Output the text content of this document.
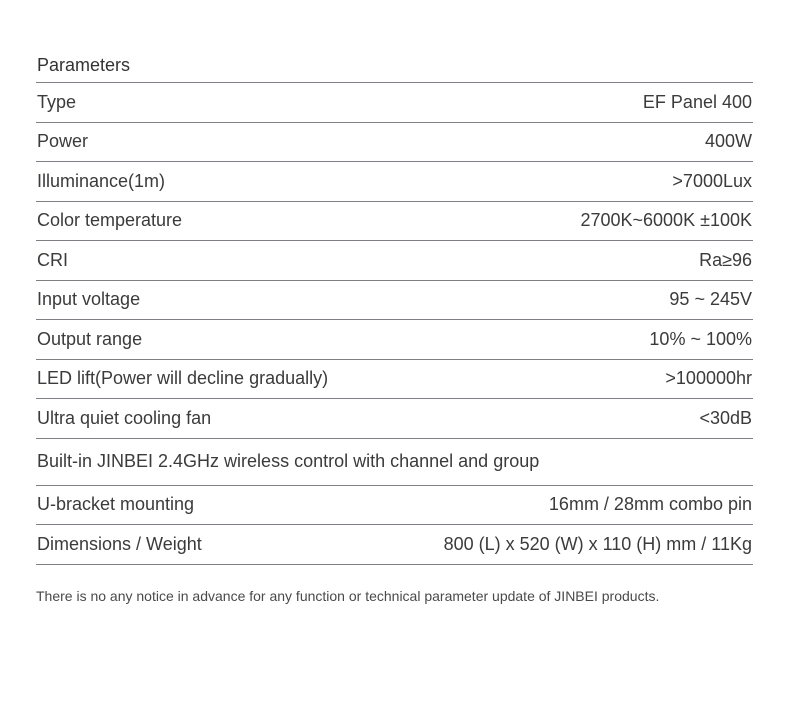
Parameters
Type	EF Panel 400
Power	400W
Illuminance(1m)	>7000Lux
Color temperature	2700K~6000K ±100K
CRI	Ra≥96
Input voltage	95 ~ 245V
Output range	10% ~ 100%
LED lift(Power will decline gradually)	>100000hr
Ultra quiet cooling fan	<30dB
Built-in JINBEI 2.4GHz wireless control with channel and group
U-bracket mounting	16mm / 28mm combo pin
Dimensions / Weight	800 (L) x 520 (W) x 110 (H) mm / 11Kg
There is no any notice in advance for any function or technical parameter update of JINBEI products.
